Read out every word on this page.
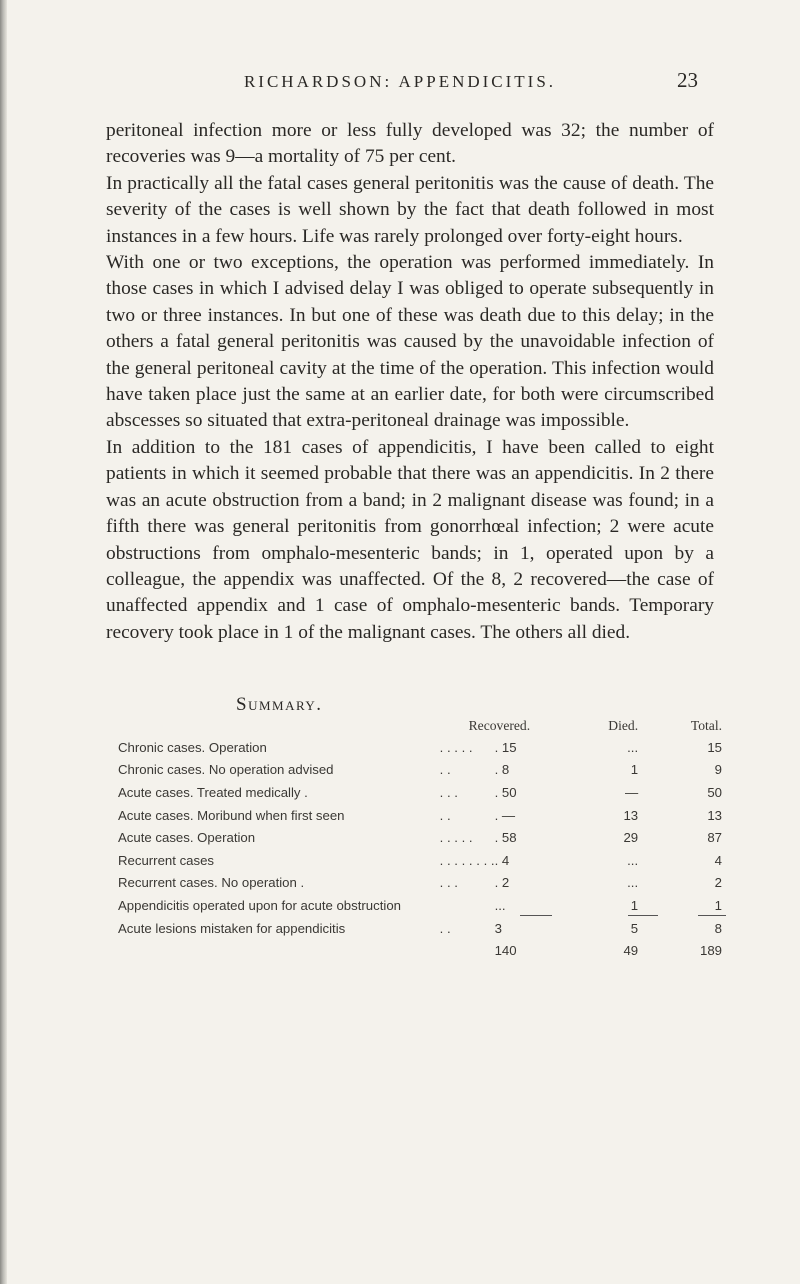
RICHARDSON: APPENDICITIS.	23

peritoneal infection more or less fully developed was 32; the number of recoveries was 9—a mortality of 75 per cent.

In practically all the fatal cases general peritonitis was the cause of death. The severity of the cases is well shown by the fact that death followed in most instances in a few hours. Life was rarely prolonged over forty-eight hours.

With one or two exceptions, the operation was performed immediately. In those cases in which I advised delay I was obliged to operate subsequently in two or three instances. In but one of these was death due to this delay; in the others a fatal general peritonitis was caused by the unavoidable infection of the general peritoneal cavity at the time of the operation. This infection would have taken place just the same at an earlier date, for both were circumscribed abscesses so situated that extra-peritoneal drainage was impossible.

In addition to the 181 cases of appendicitis, I have been called to eight patients in which it seemed probable that there was an appendicitis. In 2 there was an acute obstruction from a band; in 2 malignant disease was found; in a fifth there was general peritonitis from gonorrhœal infection; 2 were acute obstructions from omphalo-mesenteric bands; in 1, operated upon by a colleague, the appendix was unaffected. Of the 8, 2 recovered—the case of unaffected appendix and 1 case of omphalo-mesenteric bands. Temporary recovery took place in 1 of the malignant cases. The others all died.

Summary.
		Recovered.	Died.	Total.
Chronic cases. Operation	. . . . .	. 15	...	15
Chronic cases. No operation advised	. .	. 8	1	9
Acute cases. Treated medically .	. . .	. 50	—	50
Acute cases. Moribund when first seen	. .	. —	13	13
Acute cases. Operation	. . . . .	. 58	29	87
Recurrent cases	. . . . . . . .	. 4	...	4
Recurrent cases. No operation .	. . .	. 2	...	2
Appendicitis operated upon for acute obstruction		...	1	1
Acute lesions mistaken for appendicitis	. .	3	5	8
		140	49	189
